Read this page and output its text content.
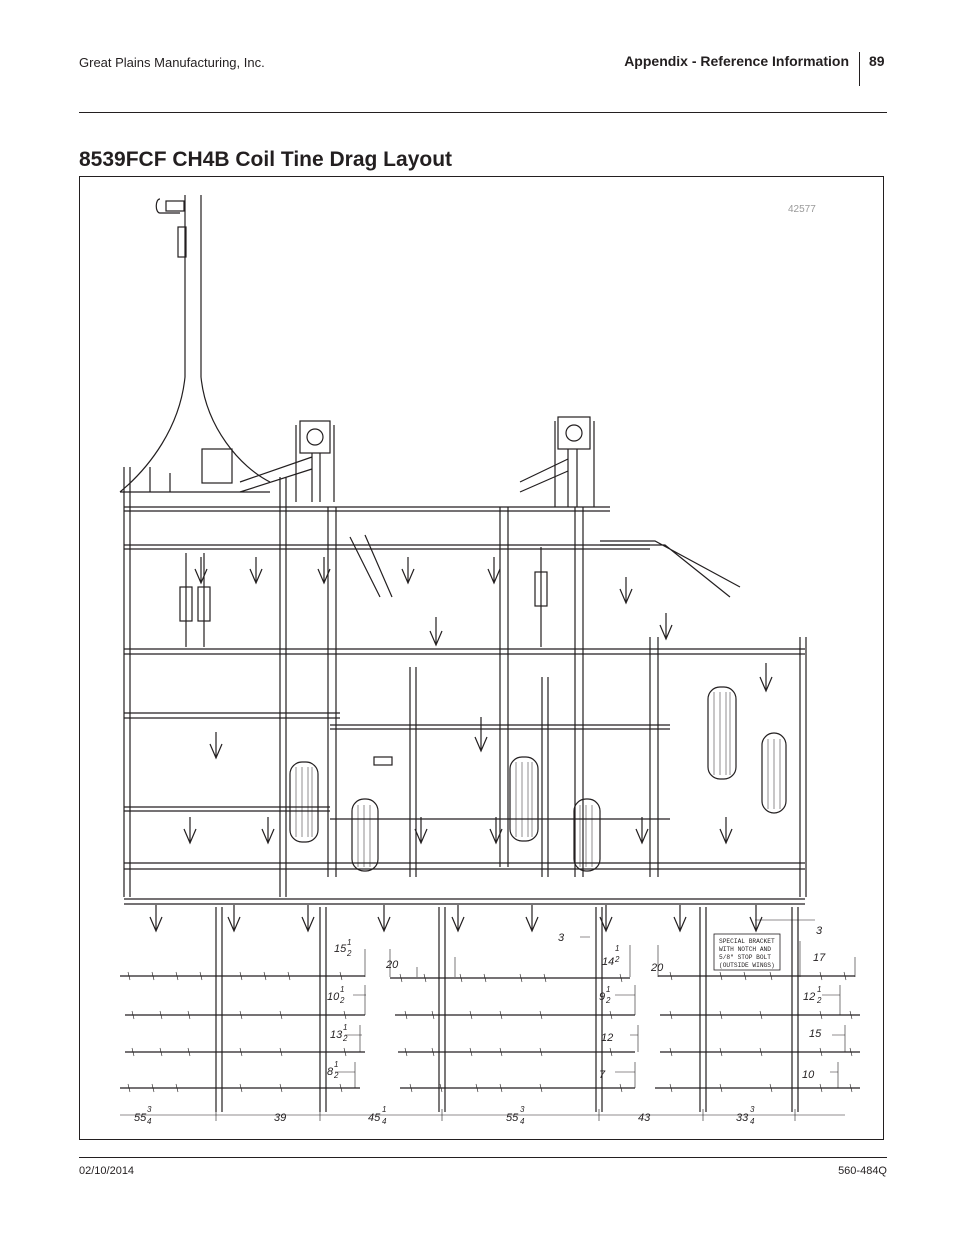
Great Plains Manufacturing, Inc.	Appendix - Reference Information 89
8539FCF CH4B Coil Tine Drag Layout
42577
SPECIAL BRACKET
WITH NOTCH AND
5/8" STOP BOLT
(OUTSIDE WINGS)
15
1
2
20
3
14
1
2
20
3
17
10
1
2	9
1
2	12
1
2
13
1
2	12	15
8
1
2	7	10
55
3
4	39	45
1
4	55
3
4	43	33
3
4
02/10/2014	560-484Q
